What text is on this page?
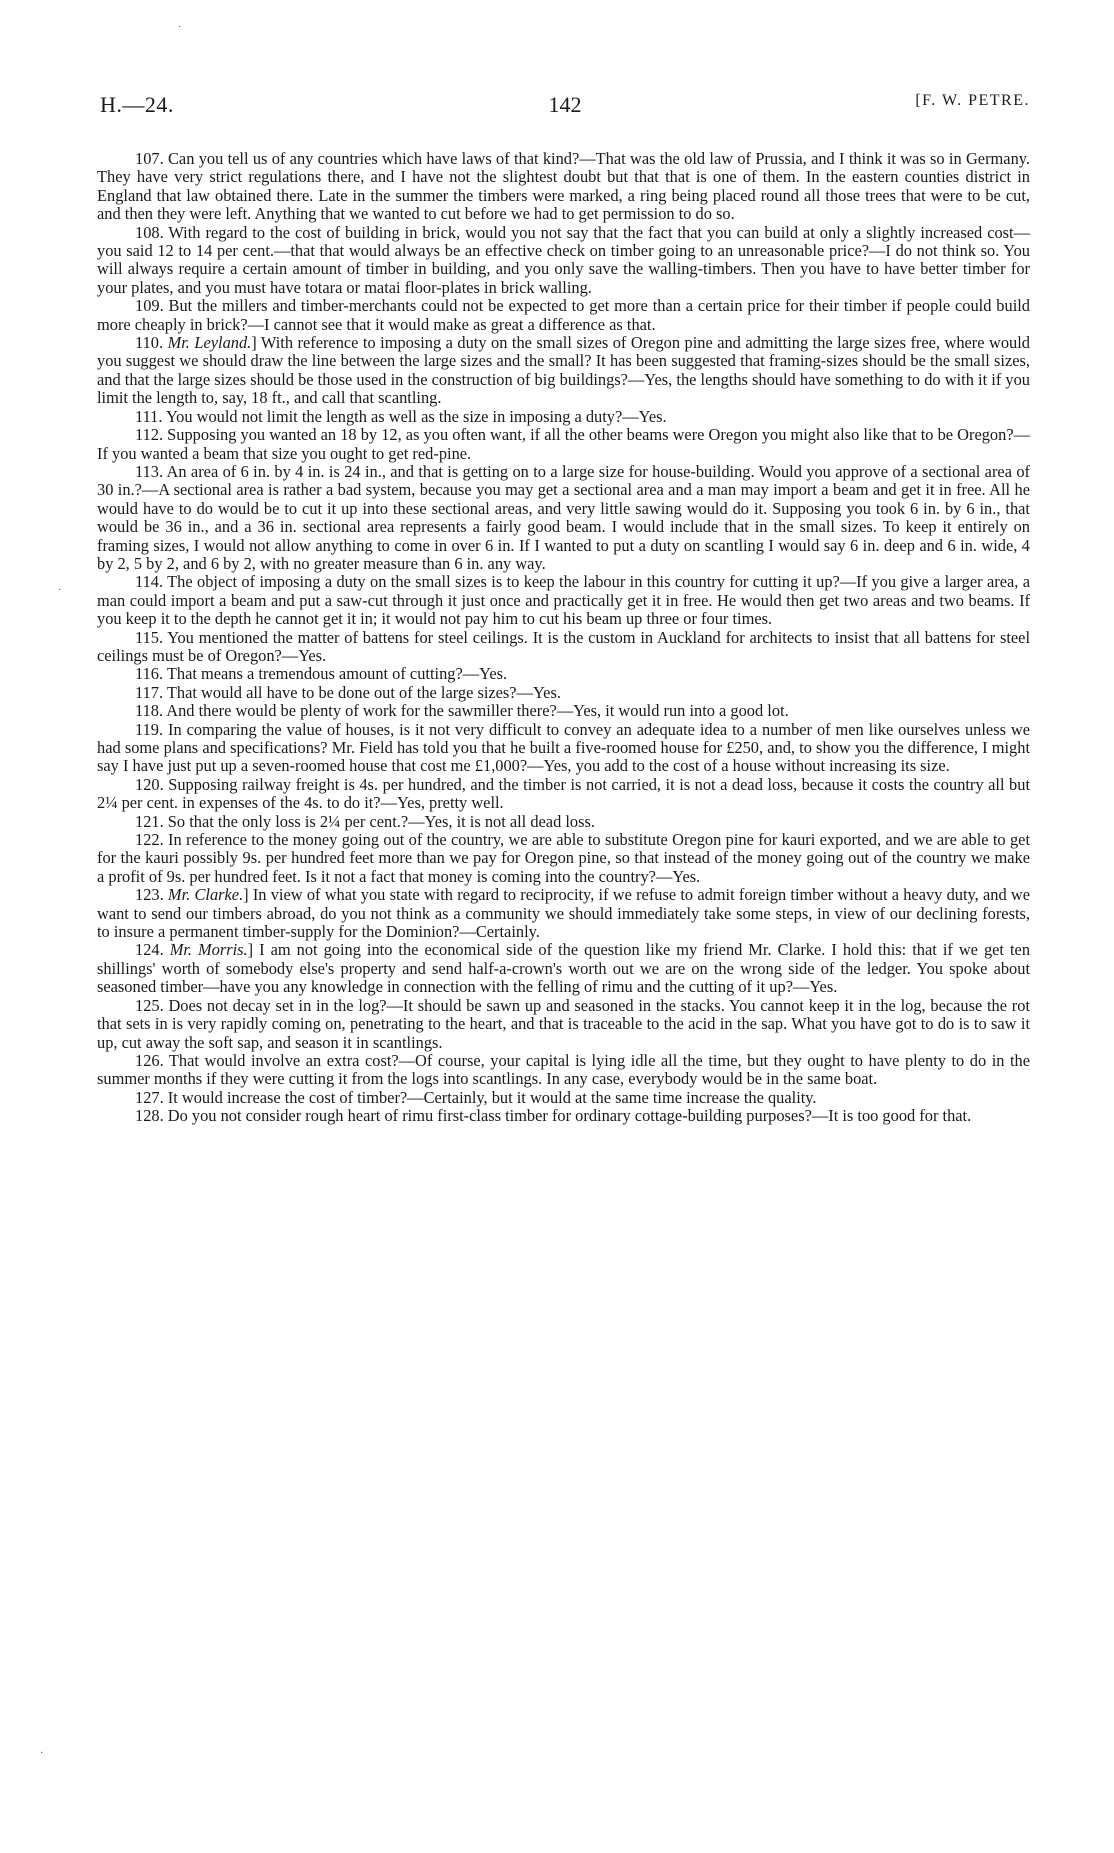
H.—24.	142	[F. W. PETRE.
·
·
·

107. Can you tell us of any countries which have laws of that kind?—That was the old law of Prussia, and I think it was so in Germany. They have very strict regulations there, and I have not the slightest doubt but that that is one of them. In the eastern counties district in England that law obtained there. Late in the summer the timbers were marked, a ring being placed round all those trees that were to be cut, and then they were left. Anything that we wanted to cut before we had to get permission to do so.

108. With regard to the cost of building in brick, would you not say that the fact that you can build at only a slightly increased cost—you said 12 to 14 per cent.—that that would always be an effective check on timber going to an unreasonable price?—I do not think so. You will always require a certain amount of timber in building, and you only save the walling-timbers. Then you have to have better timber for your plates, and you must have totara or matai floor-plates in brick walling.

109. But the millers and timber-merchants could not be expected to get more than a certain price for their timber if people could build more cheaply in brick?—I cannot see that it would make as great a difference as that.

110. Mr. Leyland.] With reference to imposing a duty on the small sizes of Oregon pine and admitting the large sizes free, where would you suggest we should draw the line between the large sizes and the small? It has been suggested that framing-sizes should be the small sizes, and that the large sizes should be those used in the construction of big buildings?—Yes, the lengths should have something to do with it if you limit the length to, say, 18 ft., and call that scantling.

111. You would not limit the length as well as the size in imposing a duty?—Yes.

112. Supposing you wanted an 18 by 12, as you often want, if all the other beams were Oregon you might also like that to be Oregon?—If you wanted a beam that size you ought to get red-pine.

113. An area of 6 in. by 4 in. is 24 in., and that is getting on to a large size for house-building. Would you approve of a sectional area of 30 in.?—A sectional area is rather a bad system, because you may get a sectional area and a man may import a beam and get it in free. All he would have to do would be to cut it up into these sectional areas, and very little sawing would do it. Supposing you took 6 in. by 6 in., that would be 36 in., and a 36 in. sectional area represents a fairly good beam. I would include that in the small sizes. To keep it entirely on framing sizes, I would not allow anything to come in over 6 in. If I wanted to put a duty on scantling I would say 6 in. deep and 6 in. wide, 4 by 2, 5 by 2, and 6 by 2, with no greater measure than 6 in. any way.

114. The object of imposing a duty on the small sizes is to keep the labour in this country for cutting it up?—If you give a larger area, a man could import a beam and put a saw-cut through it just once and practically get it in free. He would then get two areas and two beams. If you keep it to the depth he cannot get it in; it would not pay him to cut his beam up three or four times.

115. You mentioned the matter of battens for steel ceilings. It is the custom in Auckland for architects to insist that all battens for steel ceilings must be of Oregon?—Yes.

116. That means a tremendous amount of cutting?—Yes.

117. That would all have to be done out of the large sizes?—Yes.

118. And there would be plenty of work for the sawmiller there?—Yes, it would run into a good lot.

119. In comparing the value of houses, is it not very difficult to convey an adequate idea to a number of men like ourselves unless we had some plans and specifications? Mr. Field has told you that he built a five-roomed house for £250, and, to show you the difference, I might say I have just put up a seven-roomed house that cost me £1,000?—Yes, you add to the cost of a house without increasing its size.

120. Supposing railway freight is 4s. per hundred, and the timber is not carried, it is not a dead loss, because it costs the country all but 2¼ per cent. in expenses of the 4s. to do it?—Yes, pretty well.

121. So that the only loss is 2¼ per cent.?—Yes, it is not all dead loss.

122. In reference to the money going out of the country, we are able to substitute Oregon pine for kauri exported, and we are able to get for the kauri possibly 9s. per hundred feet more than we pay for Oregon pine, so that instead of the money going out of the country we make a profit of 9s. per hundred feet. Is it not a fact that money is coming into the country?—Yes.

123. Mr. Clarke.] In view of what you state with regard to reciprocity, if we refuse to admit foreign timber without a heavy duty, and we want to send our timbers abroad, do you not think as a community we should immediately take some steps, in view of our declining forests, to insure a permanent timber-supply for the Dominion?—Certainly.

124. Mr. Morris.] I am not going into the economical side of the question like my friend Mr. Clarke. I hold this: that if we get ten shillings' worth of somebody else's property and send half-a-crown's worth out we are on the wrong side of the ledger. You spoke about seasoned timber—have you any knowledge in connection with the felling of rimu and the cutting of it up?—Yes.

125. Does not decay set in in the log?—It should be sawn up and seasoned in the stacks. You cannot keep it in the log, because the rot that sets in is very rapidly coming on, penetrating to the heart, and that is traceable to the acid in the sap. What you have got to do is to saw it up, cut away the soft sap, and season it in scantlings.

126. That would involve an extra cost?—Of course, your capital is lying idle all the time, but they ought to have plenty to do in the summer months if they were cutting it from the logs into scantlings. In any case, everybody would be in the same boat.

127. It would increase the cost of timber?—Certainly, but it would at the same time increase the quality.

128. Do you not consider rough heart of rimu first-class timber for ordinary cottage-building purposes?—It is too good for that.
